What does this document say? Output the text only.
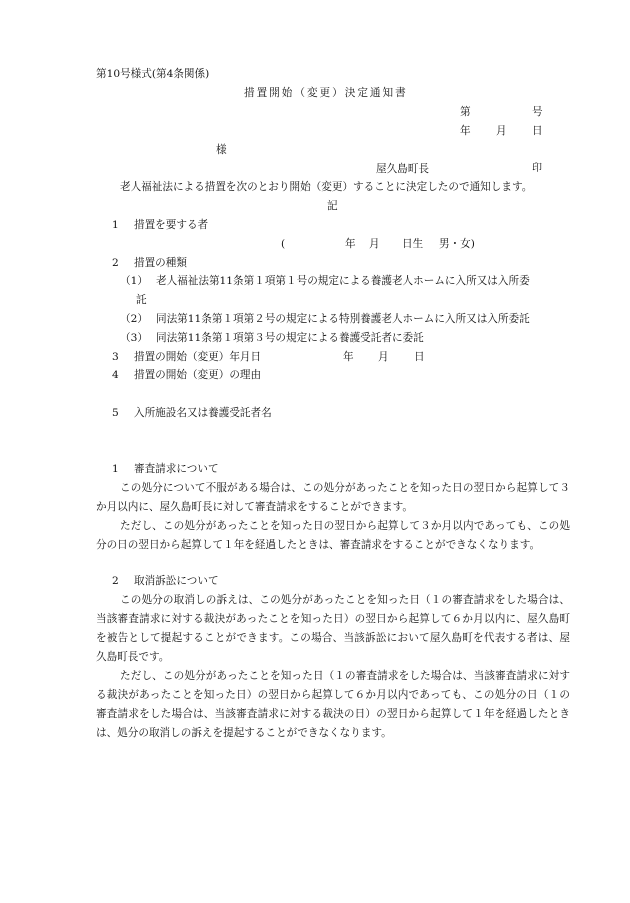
第10号様式(第4条関係)
措置開始（変更）決定通知書
第	号
年 月 日
様
屋久島町長	印
老人福祉法による措置を次のとおり開始（変更）することに決定したので通知します。
記
1 措置を要する者
(	年 月 日生 男・女)
2 措置の種類
（1） 老人福祉法第11条第１項第１号の規定による養護老人ホームに入所又は入所委
託
（2） 同法第11条第１項第２号の規定による特別養護老人ホームに入所又は入所委託
（3） 同法第11条第１項第３号の規定による養護受託者に委託
3 措置の開始（変更）年月日	年 月 日
4 措置の開始（変更）の理由
5 入所施設名又は養護受託者名
1 審査請求について
この処分について不服がある場合は、この処分があったことを知った日の翌日から起算して３か月以内に、屋久島町長に対して審査請求をすることができます。
ただし、この処分があったことを知った日の翌日から起算して３か月以内であっても、この処分の日の翌日から起算して１年を経過したときは、審査請求をすることができなくなります。
2 取消訴訟について
この処分の取消しの訴えは、この処分があったことを知った日（１の審査請求をした場合は、当該審査請求に対する裁決があったことを知った日）の翌日から起算して６か月以内に、屋久島町を被告として提起することができます。この場合、当該訴訟において屋久島町を代表する者は、屋久島町長です。
ただし、この処分があったことを知った日（１の審査請求をした場合は、当該審査請求に対する裁決があったことを知った日）の翌日から起算して６か月以内であっても、この処分の日（１の審査請求をした場合は、当該審査請求に対する裁決の日）の翌日から起算して１年を経過したときは、処分の取消しの訴えを提起することができなくなります。
